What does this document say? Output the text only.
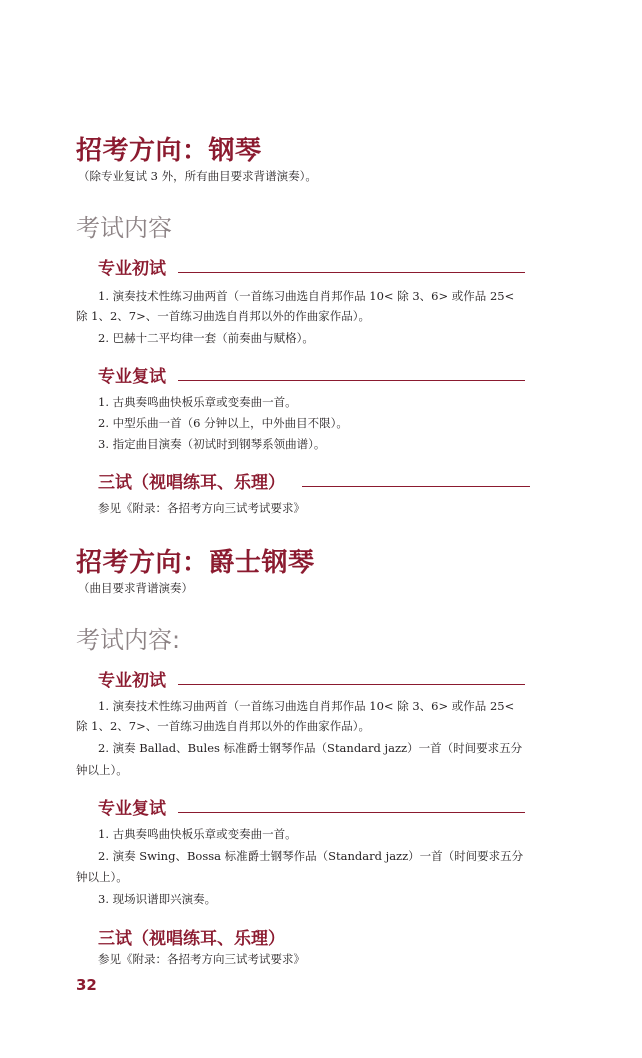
招考方向：钢琴
（除专业复试 3 外，所有曲目要求背谱演奏）。
考试内容
专业初试
1. 演奏技术性练习曲两首（一首练习曲选自肖邦作品 10< 除 3、6> 或作品 25<
除 1、2、7>、一首练习曲选自肖邦以外的作曲家作品）。
2. 巴赫十二平均律一套（前奏曲与赋格）。
专业复试
1. 古典奏鸣曲快板乐章或变奏曲一首。
2. 中型乐曲一首（6 分钟以上，中外曲目不限）。
3. 指定曲目演奏（初试时到钢琴系领曲谱）。
三试（视唱练耳、乐理）
参见《附录：各招考方向三试考试要求》
招考方向：爵士钢琴
（曲目要求背谱演奏）
考试内容:
专业初试
1. 演奏技术性练习曲两首（一首练习曲选自肖邦作品 10< 除 3、6> 或作品 25<
除 1、2、7>、一首练习曲选自肖邦以外的作曲家作品）。
2. 演奏 Ballad、Bules 标准爵士钢琴作品（Standard jazz）一首（时间要求五分
钟以上）。
专业复试
1. 古典奏鸣曲快板乐章或变奏曲一首。
2. 演奏 Swing、Bossa 标准爵士钢琴作品（Standard jazz）一首（时间要求五分
钟以上）。
3. 现场识谱即兴演奏。
三试（视唱练耳、乐理）
参见《附录：各招考方向三试考试要求》
32
